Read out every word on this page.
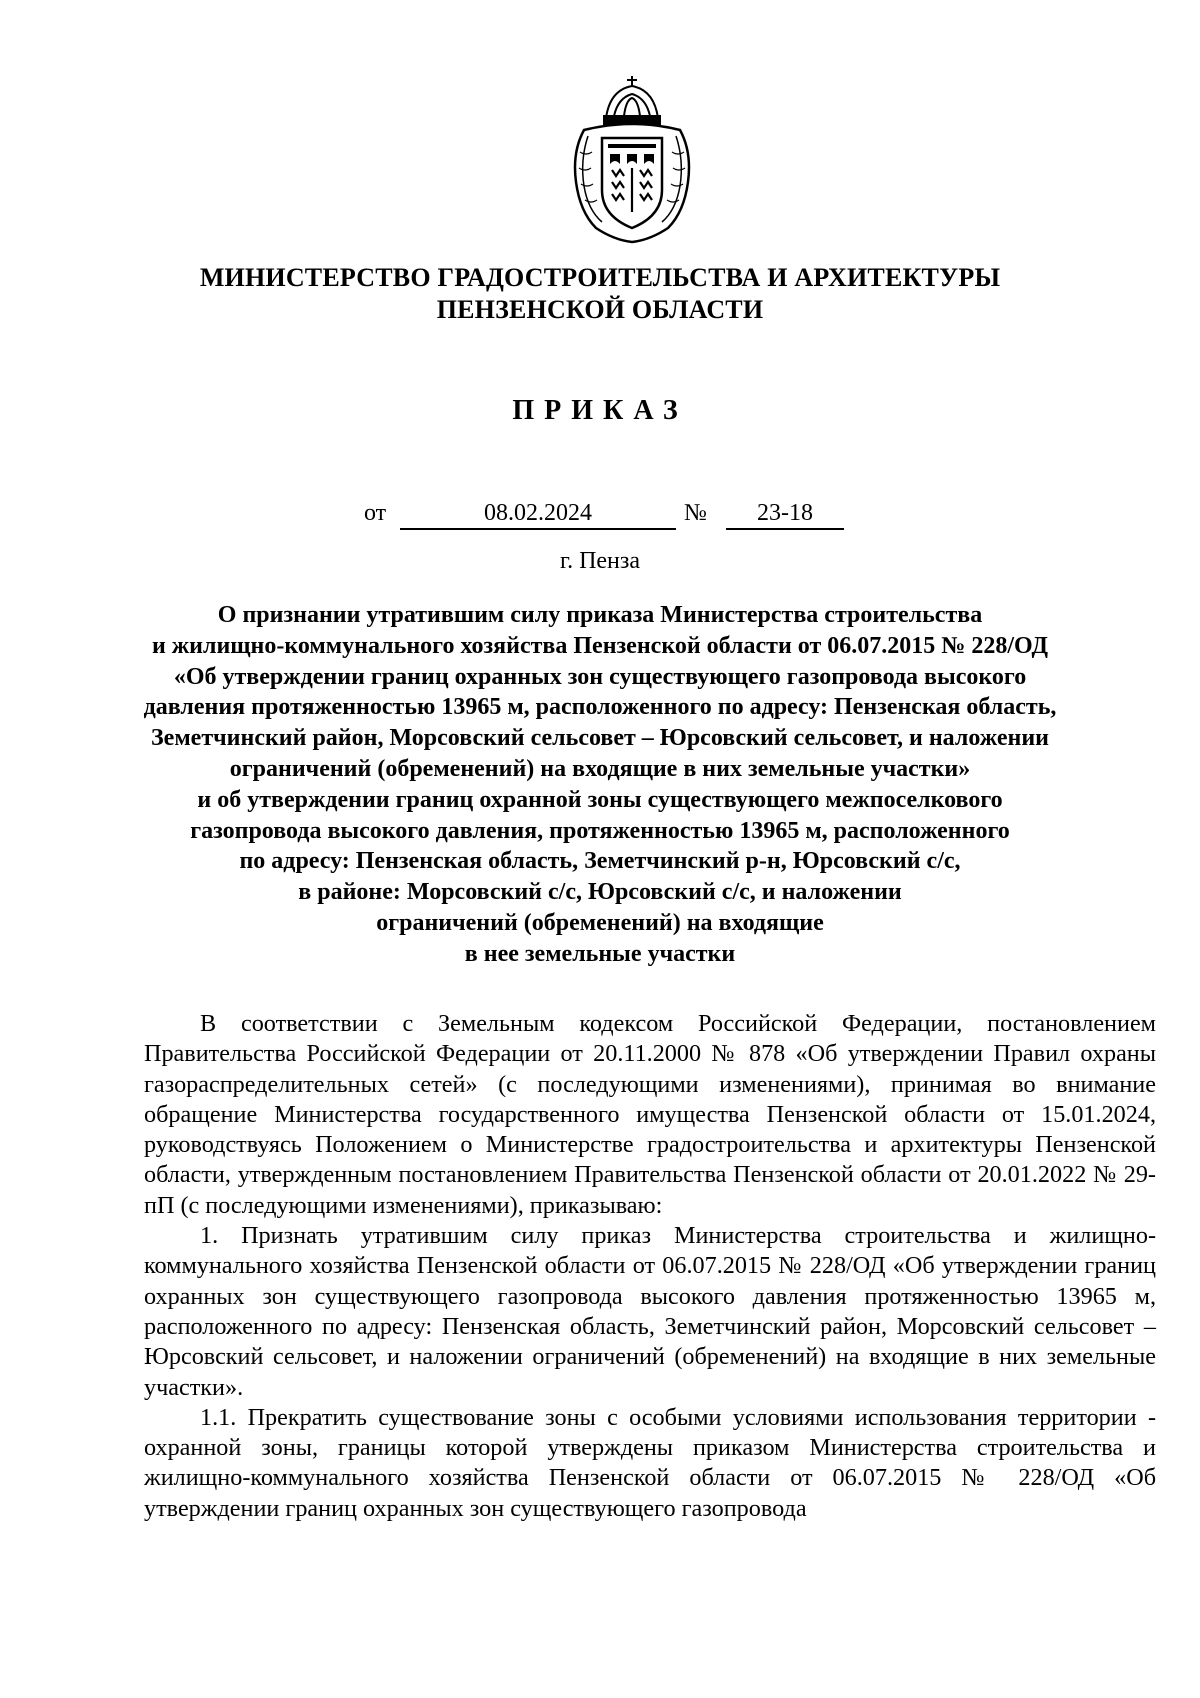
МИНИСТЕРСТВО ГРАДОСТРОИТЕЛЬСТВА И АРХИТЕКТУРЫ
ПЕНЗЕНСКОЙ ОБЛАСТИ
ПРИКАЗ
от	08.02.2024	№	23-18
г. Пенза
О признании утратившим силу приказа Министерства строительства
и жилищно-коммунального хозяйства Пензенской области от 06.07.2015 № 228/ОД
«Об утверждении границ охранных зон существующего газопровода высокого
давления протяженностью 13965 м, расположенного по адресу: Пензенская область,
Земетчинский район, Морсовский сельсовет – Юрсовский сельсовет, и наложении
ограничений (обременений) на входящие в них земельные участки»
и об утверждении границ охранной зоны существующего межпоселкового
газопровода высокого давления, протяженностью 13965 м, расположенного
по адресу: Пензенская область, Земетчинский р-н, Юрсовский с/с,
в районе: Морсовский с/с, Юрсовский с/с, и наложении
ограничений (обременений) на входящие
в нее земельные участки

В соответствии с Земельным кодексом Российской Федерации, постановлением Правительства Российской Федерации от 20.11.2000 № 878 «Об утверждении Правил охраны газораспределительных сетей» (с последующими изменениями), принимая во внимание обращение Министерства государственного имущества Пензенской области от 15.01.2024, руководствуясь Положением о Министерстве градостроительства и архитектуры Пензенской области, утвержденным постановлением Правительства Пензенской области от 20.01.2022 № 29-пП (с последующими изменениями), приказываю:

1. Признать утратившим силу приказ Министерства строительства и жилищно-коммунального хозяйства Пензенской области от 06.07.2015 № 228/ОД «Об утверждении границ охранных зон существующего газопровода высокого давления протяженностью 13965 м, расположенного по адресу: Пензенская область, Земетчинский район, Морсовский сельсовет – Юрсовский сельсовет, и наложении ограничений (обременений) на входящие в них земельные участки».

1.1. Прекратить существование зоны с особыми условиями использования территории - охранной зоны, границы которой утверждены приказом Министерства строительства и жилищно-коммунального хозяйства Пензенской области от 06.07.2015 № 228/ОД «Об утверждении границ охранных зон существующего газопровода
